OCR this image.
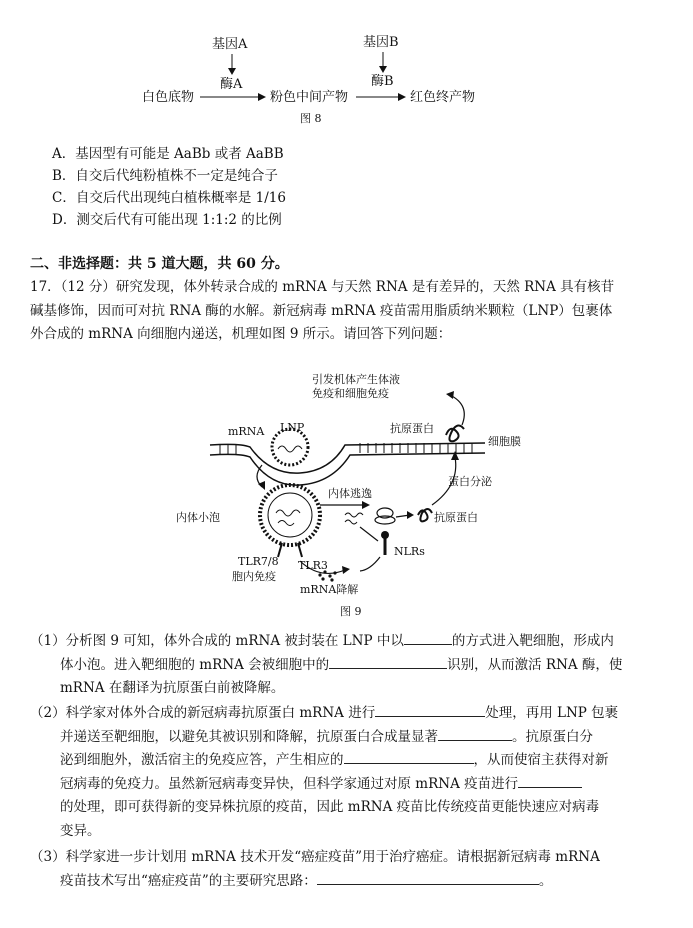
基因A
酶A
基因B
酶B
白色底物	粉色中间产物	红色终产物
图 8
A．基因型有可能是 AaBb 或者 AaBB
B．自交后代纯粉植株不一定是纯合子
C．自交后代出现纯白植株概率是 1/16
D．测交后代有可能出现 1:1:2 的比例
二、非选择题：共 5 道大题，共 60 分。
17．（12 分）研究发现，体外转录合成的 mRNA 与天然 RNA 是有差异的，天然 RNA 具有核苷
碱基修饰，因而可对抗 RNA 酶的水解。新冠病毒 mRNA 疫苗需用脂质纳米颗粒（LNP）包裹体
外合成的 mRNA 向细胞内递送，机理如图 9 所示。请回答下列问题：
引发机体产生体液
免疫和细胞免疫
抗原蛋白
细胞膜
mRNA LNP
内体逃逸
蛋白分泌
内体小泡	抗原蛋白
TLR7/8 TLR3
NLRs
胞内免疫
mRNA降解
图 9
（1）分析图 9 可知，体外合成的 mRNA 被封装在 LNP 中以	的方式进入靶细胞，形成内
体小泡。进入靶细胞的 mRNA 会被细胞中的	识别，从而激活 RNA 酶，使
mRNA 在翻译为抗原蛋白前被降解。
（2）科学家对体外合成的新冠病毒抗原蛋白 mRNA 进行	处理，再用 LNP 包裹
并递送至靶细胞，以避免其被识别和降解，抗原蛋白合成量显著	。抗原蛋白分
泌到细胞外，激活宿主的免疫应答，产生相应的	，从而使宿主获得对新
冠病毒的免疫力。虽然新冠病毒变异快，但科学家通过对原 mRNA 疫苗进行
的处理，即可获得新的变异株抗原的疫苗，因此 mRNA 疫苗比传统疫苗更能快速应对病毒
变异。
（3）科学家进一步计划用 mRNA 技术开发“癌症疫苗”用于治疗癌症。请根据新冠病毒 mRNA
疫苗技术写出“癌症疫苗”的主要研究思路：	。
